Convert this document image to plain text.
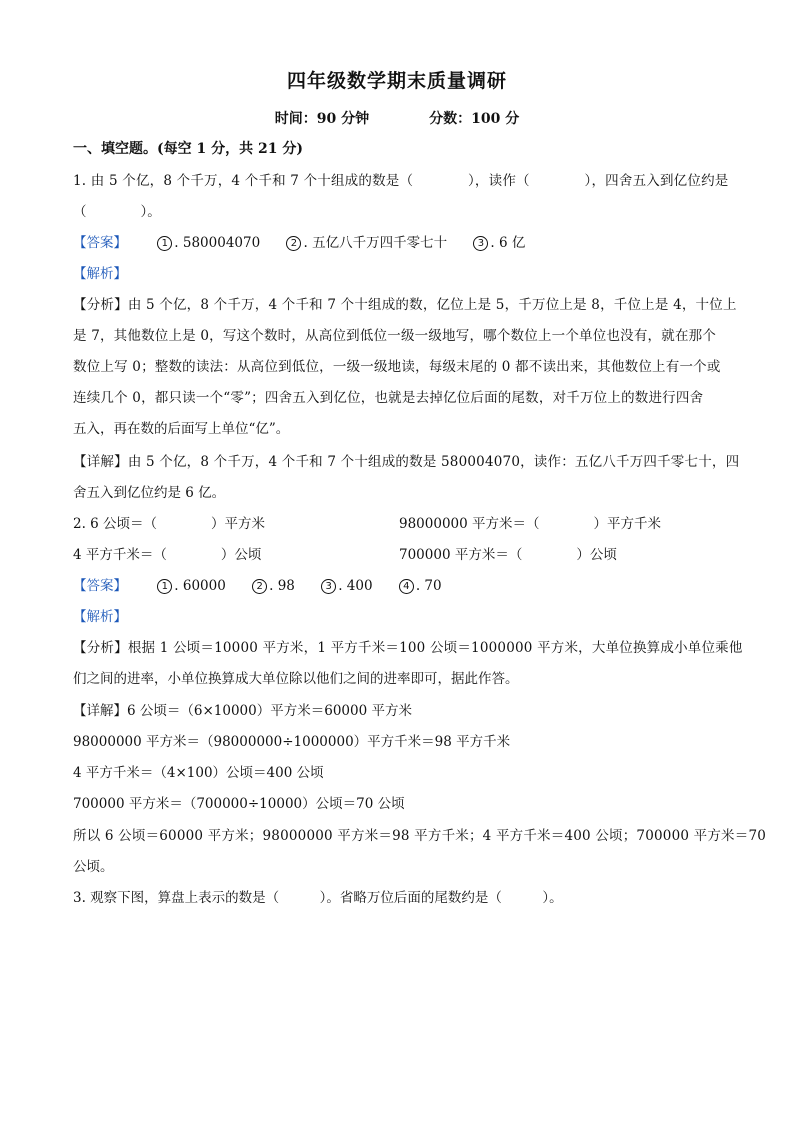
四年级数学期末质量调研
时间：90 分钟	分数：100 分
一、填空题。(每空 1 分，共 21 分)
1. 由 5 个亿，8 个千万，4 个千和 7 个十组成的数是（　　　　），读作（　　　　），四舍五入到亿位约是
（　　　　）。
【答案】	1 . 580004070	2 . 五亿八千万四千零七十	3 . 6 亿
【解析】
【分析】由 5 个亿，8 个千万，4 个千和 7 个十组成的数，亿位上是 5，千万位上是 8，千位上是 4，十位上
是 7，其他数位上是 0，写这个数时，从高位到低位一级一级地写，哪个数位上一个单位也没有，就在那个
数位上写 0；整数的读法：从高位到低位，一级一级地读，每级末尾的 0 都不读出来，其他数位上有一个或
连续几个 0，都只读一个“零”；四舍五入到亿位，也就是去掉亿位后面的尾数，对千万位上的数进行四舍
五入，再在数的后面写上单位“亿”。
【详解】由 5 个亿，8 个千万，4 个千和 7 个十组成的数是 580004070，读作：五亿八千万四千零七十，四
舍五入到亿位约是 6 亿。
2. 6 公顷＝（　　　　）平方米	98000000 平方米＝（　　　　）平方千米
4 平方千米＝（　　　　）公顷	700000 平方米＝（　　　　）公顷
【答案】	1 . 60000	2 . 98	3 . 400	4 . 70
【解析】
【分析】根据 1 公顷＝10000 平方米，1 平方千米＝100 公顷＝1000000 平方米，大单位换算成小单位乘他
们之间的进率，小单位换算成大单位除以他们之间的进率即可，据此作答。
【详解】6 公顷＝（6×10000）平方米＝60000 平方米
98000000 平方米＝（98000000÷1000000）平方千米＝98 平方千米
4 平方千米＝（4×100）公顷＝400 公顷
700000 平方米＝（700000÷10000）公顷＝70 公顷
所以 6 公顷＝60000 平方米；98000000 平方米＝98 平方千米；4 平方千米＝400 公顷；700000 平方米＝70
公顷。
3. 观察下图，算盘上表示的数是（　　　）。省略万位后面的尾数约是（　　　）。
